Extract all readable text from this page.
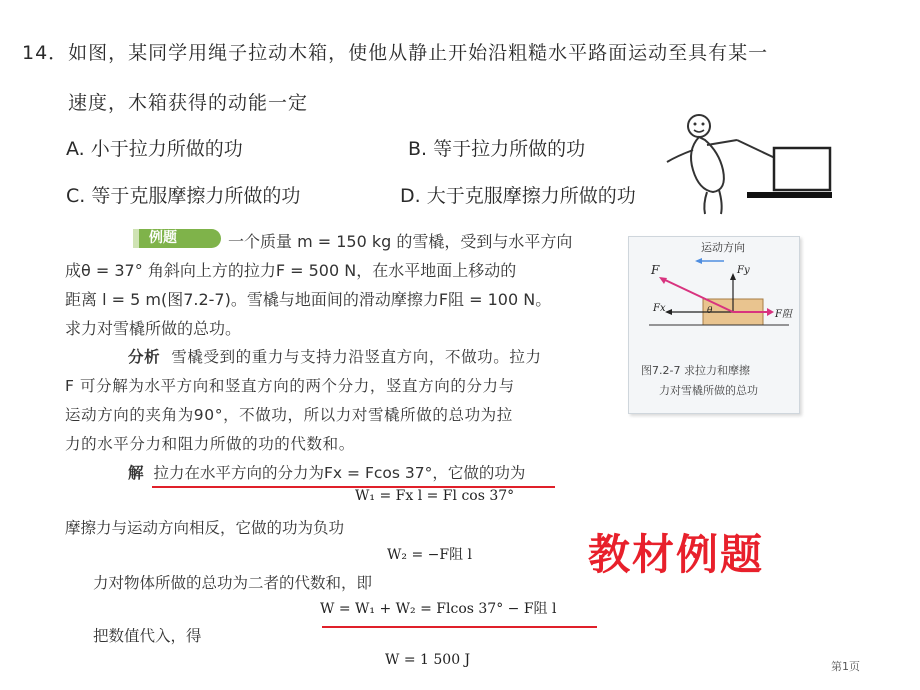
14．如图，某同学用绳子拉动木箱，使他从静止开始沿粗糙水平路面运动至具有某一
速度，木箱获得的动能一定
A. 小于拉力所做的功	B. 等于拉力所做的功
C. 等于克服摩擦力所做的功	D. 大于克服摩擦力所做的功
例题	一个质量 m = 150 kg 的雪橇，受到与水平方向
成θ = 37° 角斜向上方的拉力F = 500 N，在水平地面上移动的
距离 l = 5 m(图7.2-7)。雪橇与地面间的滑动摩擦力F阻 = 100 N。
求力对雪橇所做的总功。
分析 雪橇受到的重力与支持力沿竖直方向，不做功。拉力
F 可分解为水平方向和竖直方向的两个分力，竖直方向的分力与
运动方向的夹角为90°，不做功，所以力对雪橇所做的总功为拉
力的水平分力和阻力所做的功的代数和。
解 拉力在水平方向的分力为Fx = Fcos 37°，它做的功为
W₁ = Fx l = Fl cos 37°
摩擦力与运动方向相反，它做的功为负功
W₂ = −F阻 l
力对物体所做的总功为二者的代数和，即
W = W₁ + W₂ = Flcos 37° − F阻 l
把数值代入，得
W = 1 500 J
教材例题
运动方向
F	Fy
Fx	θ	F阻
图7.2-7 求拉力和摩擦
力对雪橇所做的总功
第1页
